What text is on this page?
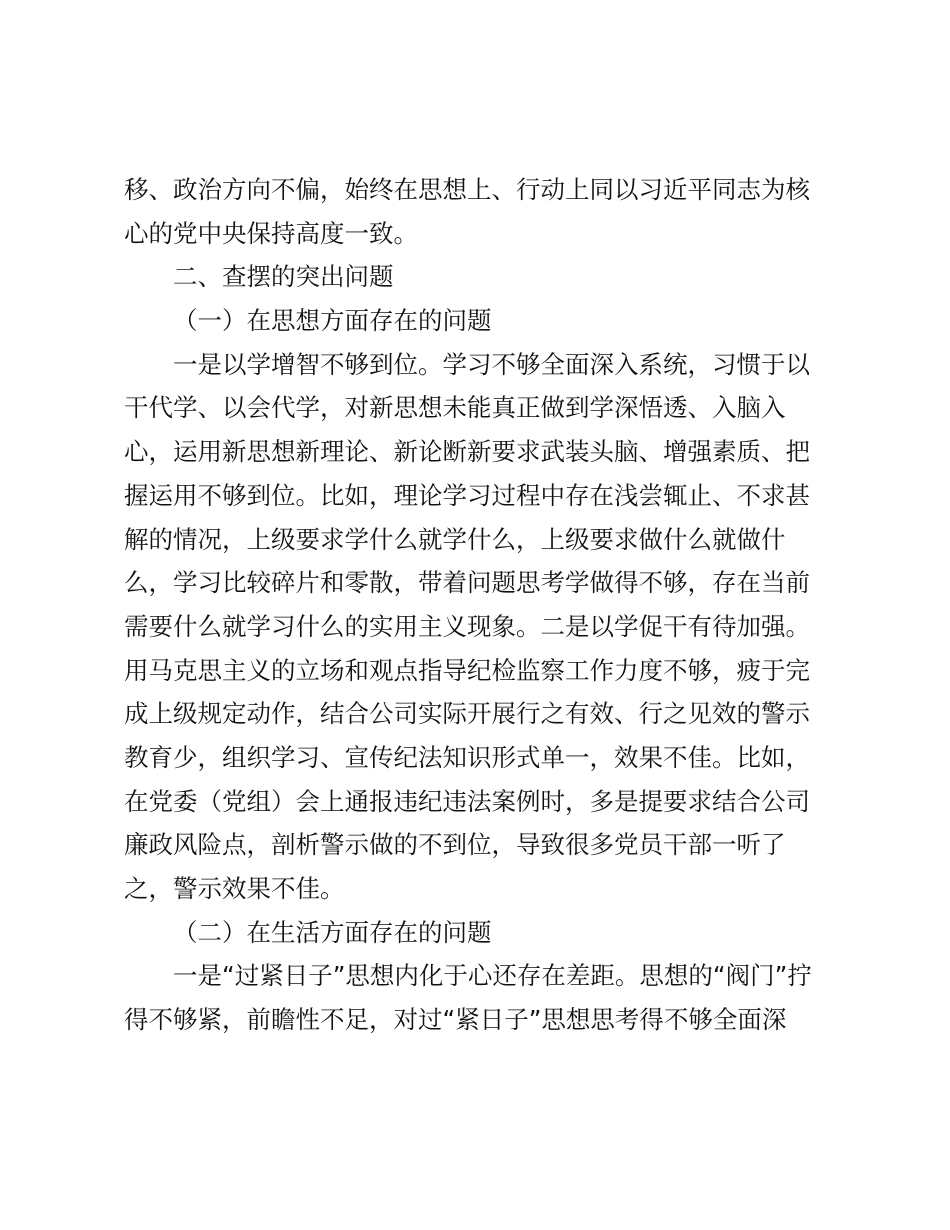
移、政治方向不偏，始终在思想上、行动上同以习近平同志为核
心的党中央保持高度一致。
二、查摆的突出问题
（一）在思想方面存在的问题
一是以学增智不够到位。学习不够全面深入系统，习惯于以
干代学、以会代学，对新思想未能真正做到学深悟透、入脑入
心，运用新思想新理论、新论断新要求武装头脑、增强素质、把
握运用不够到位。比如，理论学习过程中存在浅尝辄止、不求甚
解的情况，上级要求学什么就学什么，上级要求做什么就做什
么，学习比较碎片和零散，带着问题思考学做得不够，存在当前
需要什么就学习什么的实用主义现象。二是以学促干有待加强。
用马克思主义的立场和观点指导纪检监察工作力度不够，疲于完
成上级规定动作，结合公司实际开展行之有效、行之见效的警示
教育少，组织学习、宣传纪法知识形式单一，效果不佳。比如，
在党委（党组）会上通报违纪违法案例时，多是提要求结合公司
廉政风险点，剖析警示做的不到位，导致很多党员干部一听了
之，警示效果不佳。
（二）在生活方面存在的问题
一是“过紧日子”思想内化于心还存在差距。思想的“阀门”拧
得不够紧，前瞻性不足，对过“紧日子”思想思考得不够全面深
